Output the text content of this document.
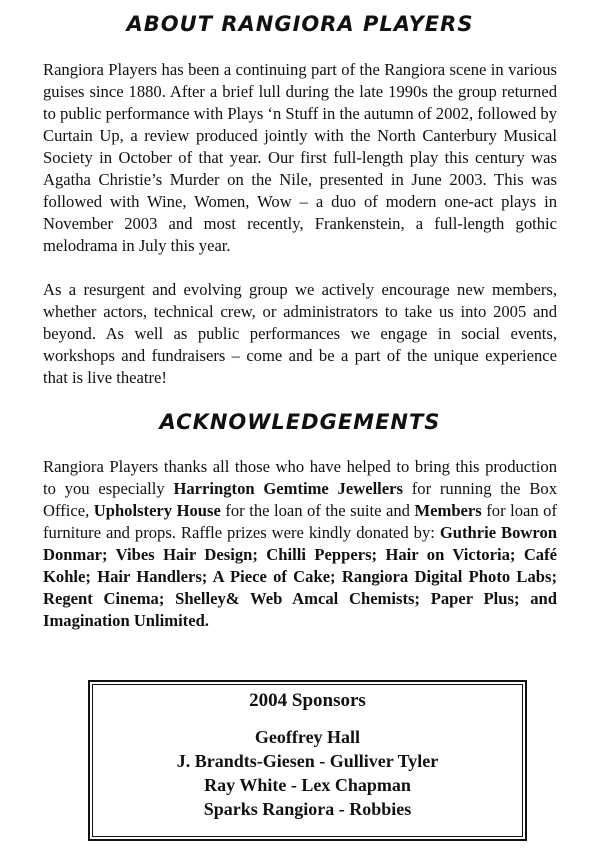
ABOUT RANGIORA PLAYERS

Rangiora Players has been a continuing part of the Rangiora scene in various guises since 1880. After a brief lull during the late 1990s the group returned to public performance with Plays ‘n Stuff in the autumn of 2002, followed by Curtain Up, a review produced jointly with the North Canterbury Musical Society in October of that year. Our first full-length play this century was Agatha Christie’s Murder on the Nile, presented in June 2003. This was followed with Wine, Women, Wow – a duo of modern one-act plays in November 2003 and most recently, Frankenstein, a full-length gothic melodrama in July this year.

As a resurgent and evolving group we actively encourage new members, whether actors, technical crew, or administrators to take us into 2005 and beyond. As well as public performances we engage in social events, workshops and fundraisers – come and be a part of the unique experience that is live theatre!

ACKNOWLEDGEMENTS

Rangiora Players thanks all those who have helped to bring this production to you especially Harrington Gemtime Jewellers for running the Box Office, Upholstery House for the loan of the suite and Members for loan of furniture and props. Raffle prizes were kindly donated by: Guthrie Bowron Donmar; Vibes Hair Design; Chilli Peppers; Hair on Victoria; Café Kohle; Hair Handlers; A Piece of Cake; Rangiora Digital Photo Labs; Regent Cinema; Shelley& Web Amcal Chemists; Paper Plus; and Imagination Unlimited.

2004 Sponsors
Geoffrey Hall
J. Brandts-Giesen - Gulliver Tyler
Ray White - Lex Chapman
Sparks Rangiora - Robbies
